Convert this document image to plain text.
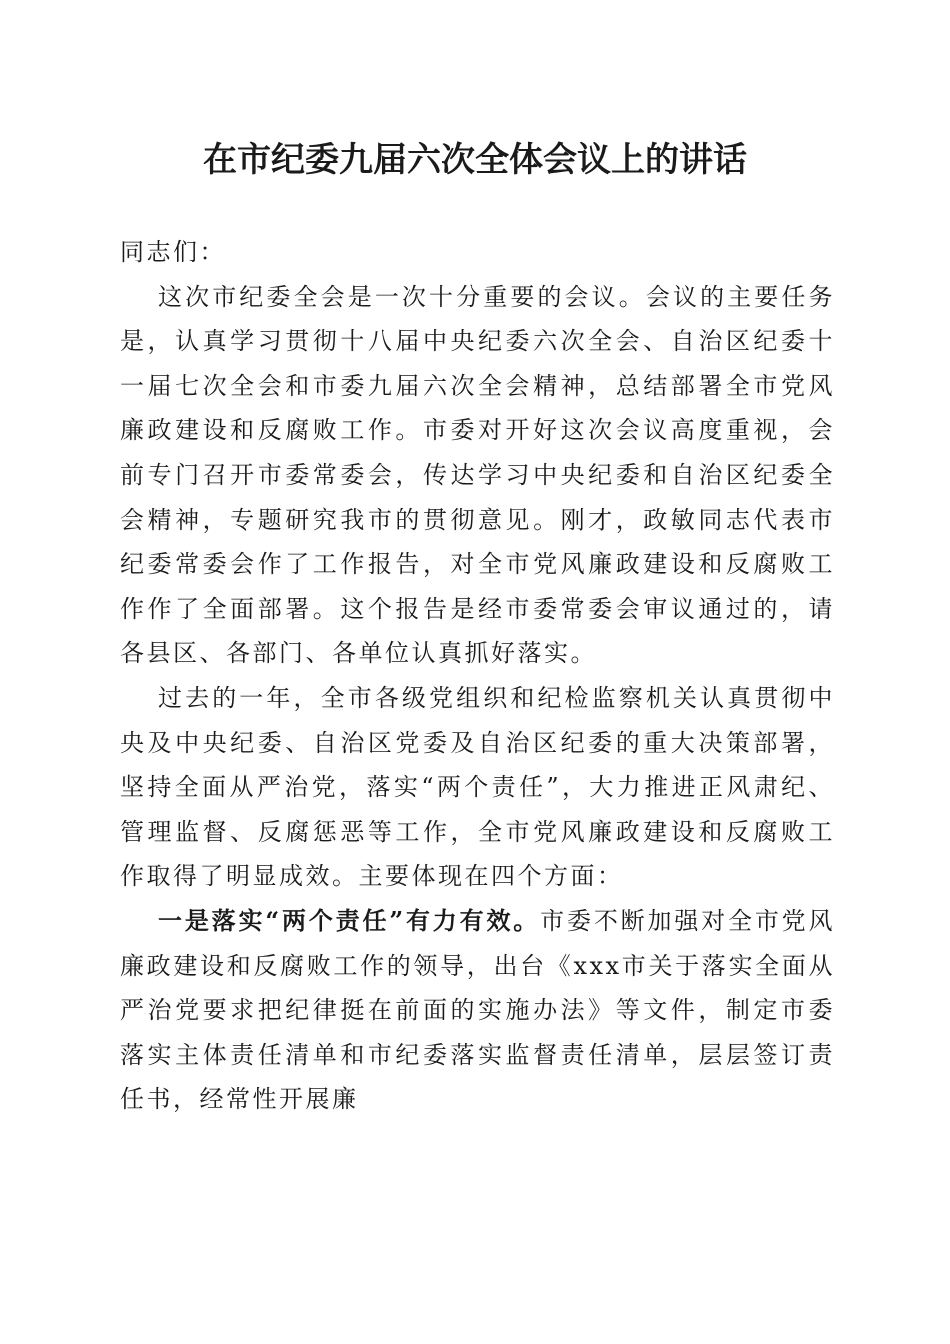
在市纪委九届六次全体会议上的讲话

同志们：

这次市纪委全会是一次十分重要的会议。会议的主要任务是，认真学习贯彻十八届中央纪委六次全会、自治区纪委十一届七次全会和市委九届六次全会精神，总结部署全市党风廉政建设和反腐败工作。市委对开好这次会议高度重视，会前专门召开市委常委会，传达学习中央纪委和自治区纪委全会精神，专题研究我市的贯彻意见。刚才，政敏同志代表市纪委常委会作了工作报告，对全市党风廉政建设和反腐败工作作了全面部署。这个报告是经市委常委会审议通过的，请各县区、各部门、各单位认真抓好落实。

过去的一年，全市各级党组织和纪检监察机关认真贯彻中央及中央纪委、自治区党委及自治区纪委的重大决策部署，坚持全面从严治党，落实“两个责任”，大力推进正风肃纪、管理监督、反腐惩恶等工作，全市党风廉政建设和反腐败工作取得了明显成效。主要体现在四个方面：

一是落实“两个责任”有力有效。市委不断加强对全市党风廉政建设和反腐败工作的领导，出台《xxx市关于落实全面从严治党要求把纪律挺在前面的实施办法》等文件，制定市委落实主体责任清单和市纪委落实监督责任清单，层层签订责任书，经常性开展廉
